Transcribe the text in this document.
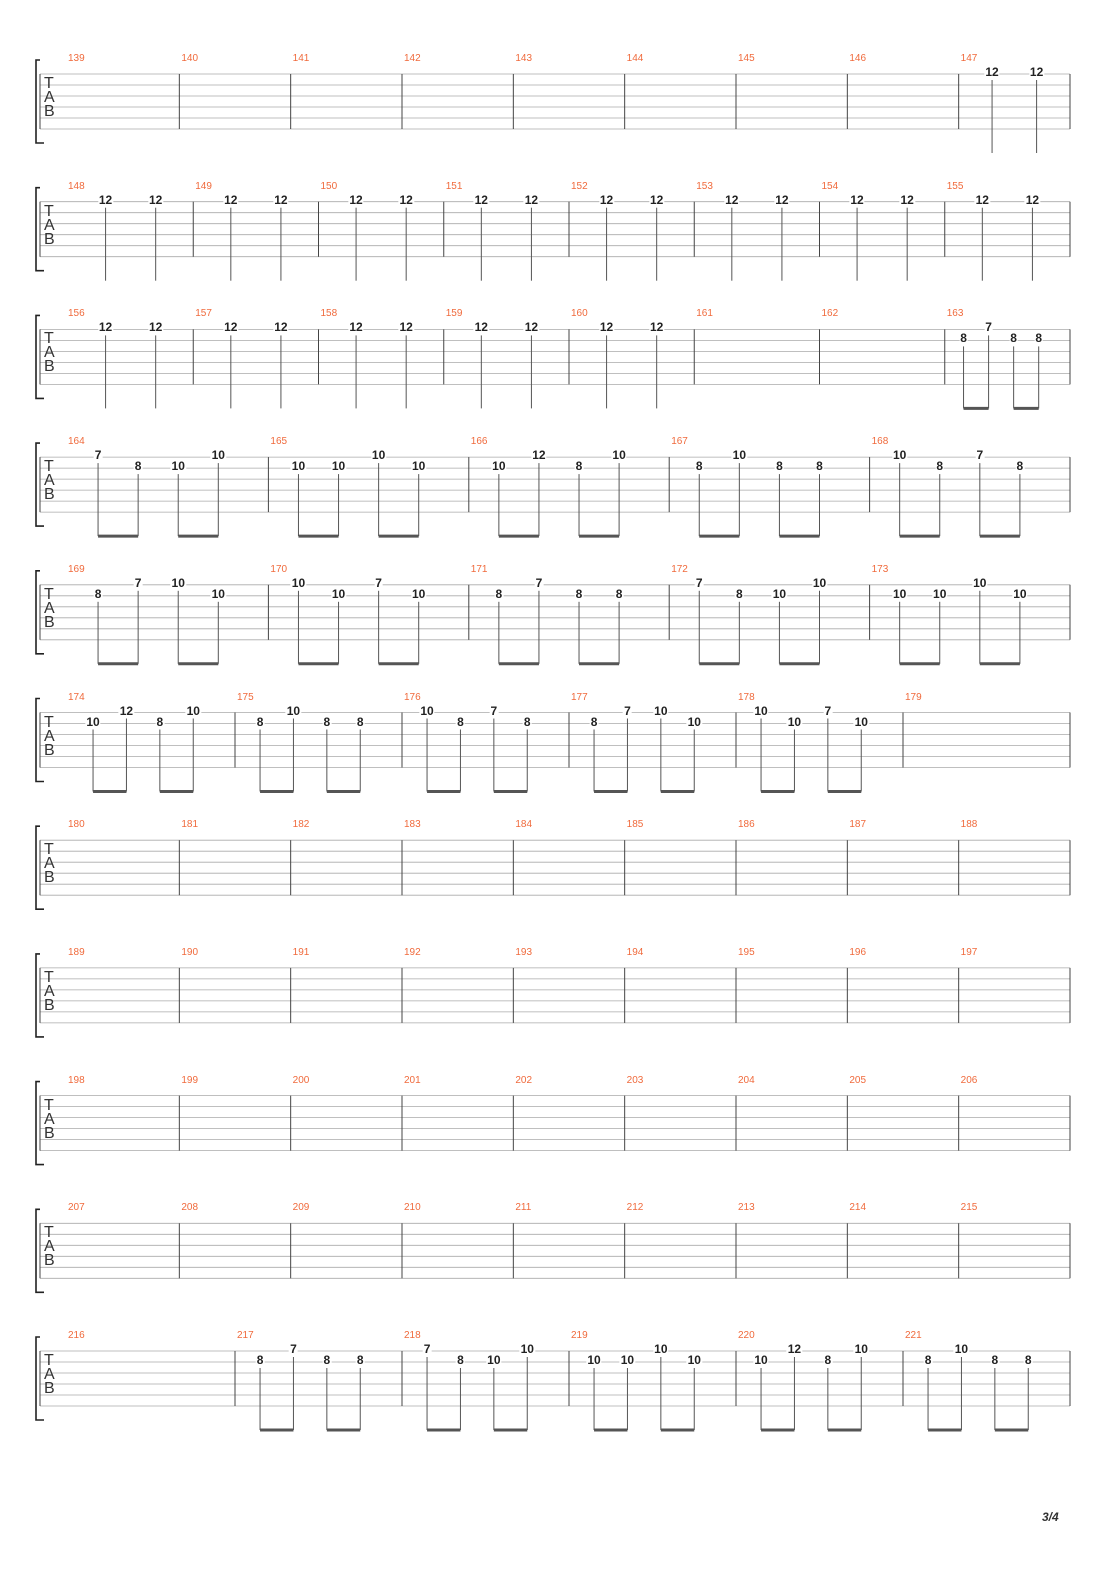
T
A
B
139	140	141	142	143	144	145	146	147
12	12
T
A
B
148
12	12
149
12	12
150
12	12
151
12	12
152
12	12
153
12	12
154
12	12
155
12	12
T
A
B
156
12	12
157
12	12
158
12	12
159
12	12
160
12	12
161	162	163
8
7
8 8
T
A
B
164
7
8	10
10
165
10 10
10
10
166
10
12
8
10
167
8
10
8	8
168
10
8
7
8
T
A
B
169
8
7	10
10
170
10
10
7
10
171
8
7
8	8
172
7
8	10
10
173
10 10
10
10
T
A
B
174
10
12
8
10
175
8
10
8 8
176
10
8
7
8
177
8
7 10
10
178
10
10
7
10
179
T
A
B
180	181	182	183	184	185	186	187	188
T
A
B
189	190	191	192	193	194	195	196	197
T
A
B
198	199	200	201	202	203	204	205	206
T
A
B
207	208	209	210	211	212	213	214	215
T
A
B
216	217
8
7
8 8
218
7
8 10
10
219
10 10
10
10
220
10
12
8
10
221
8
10
8 8
3/4
